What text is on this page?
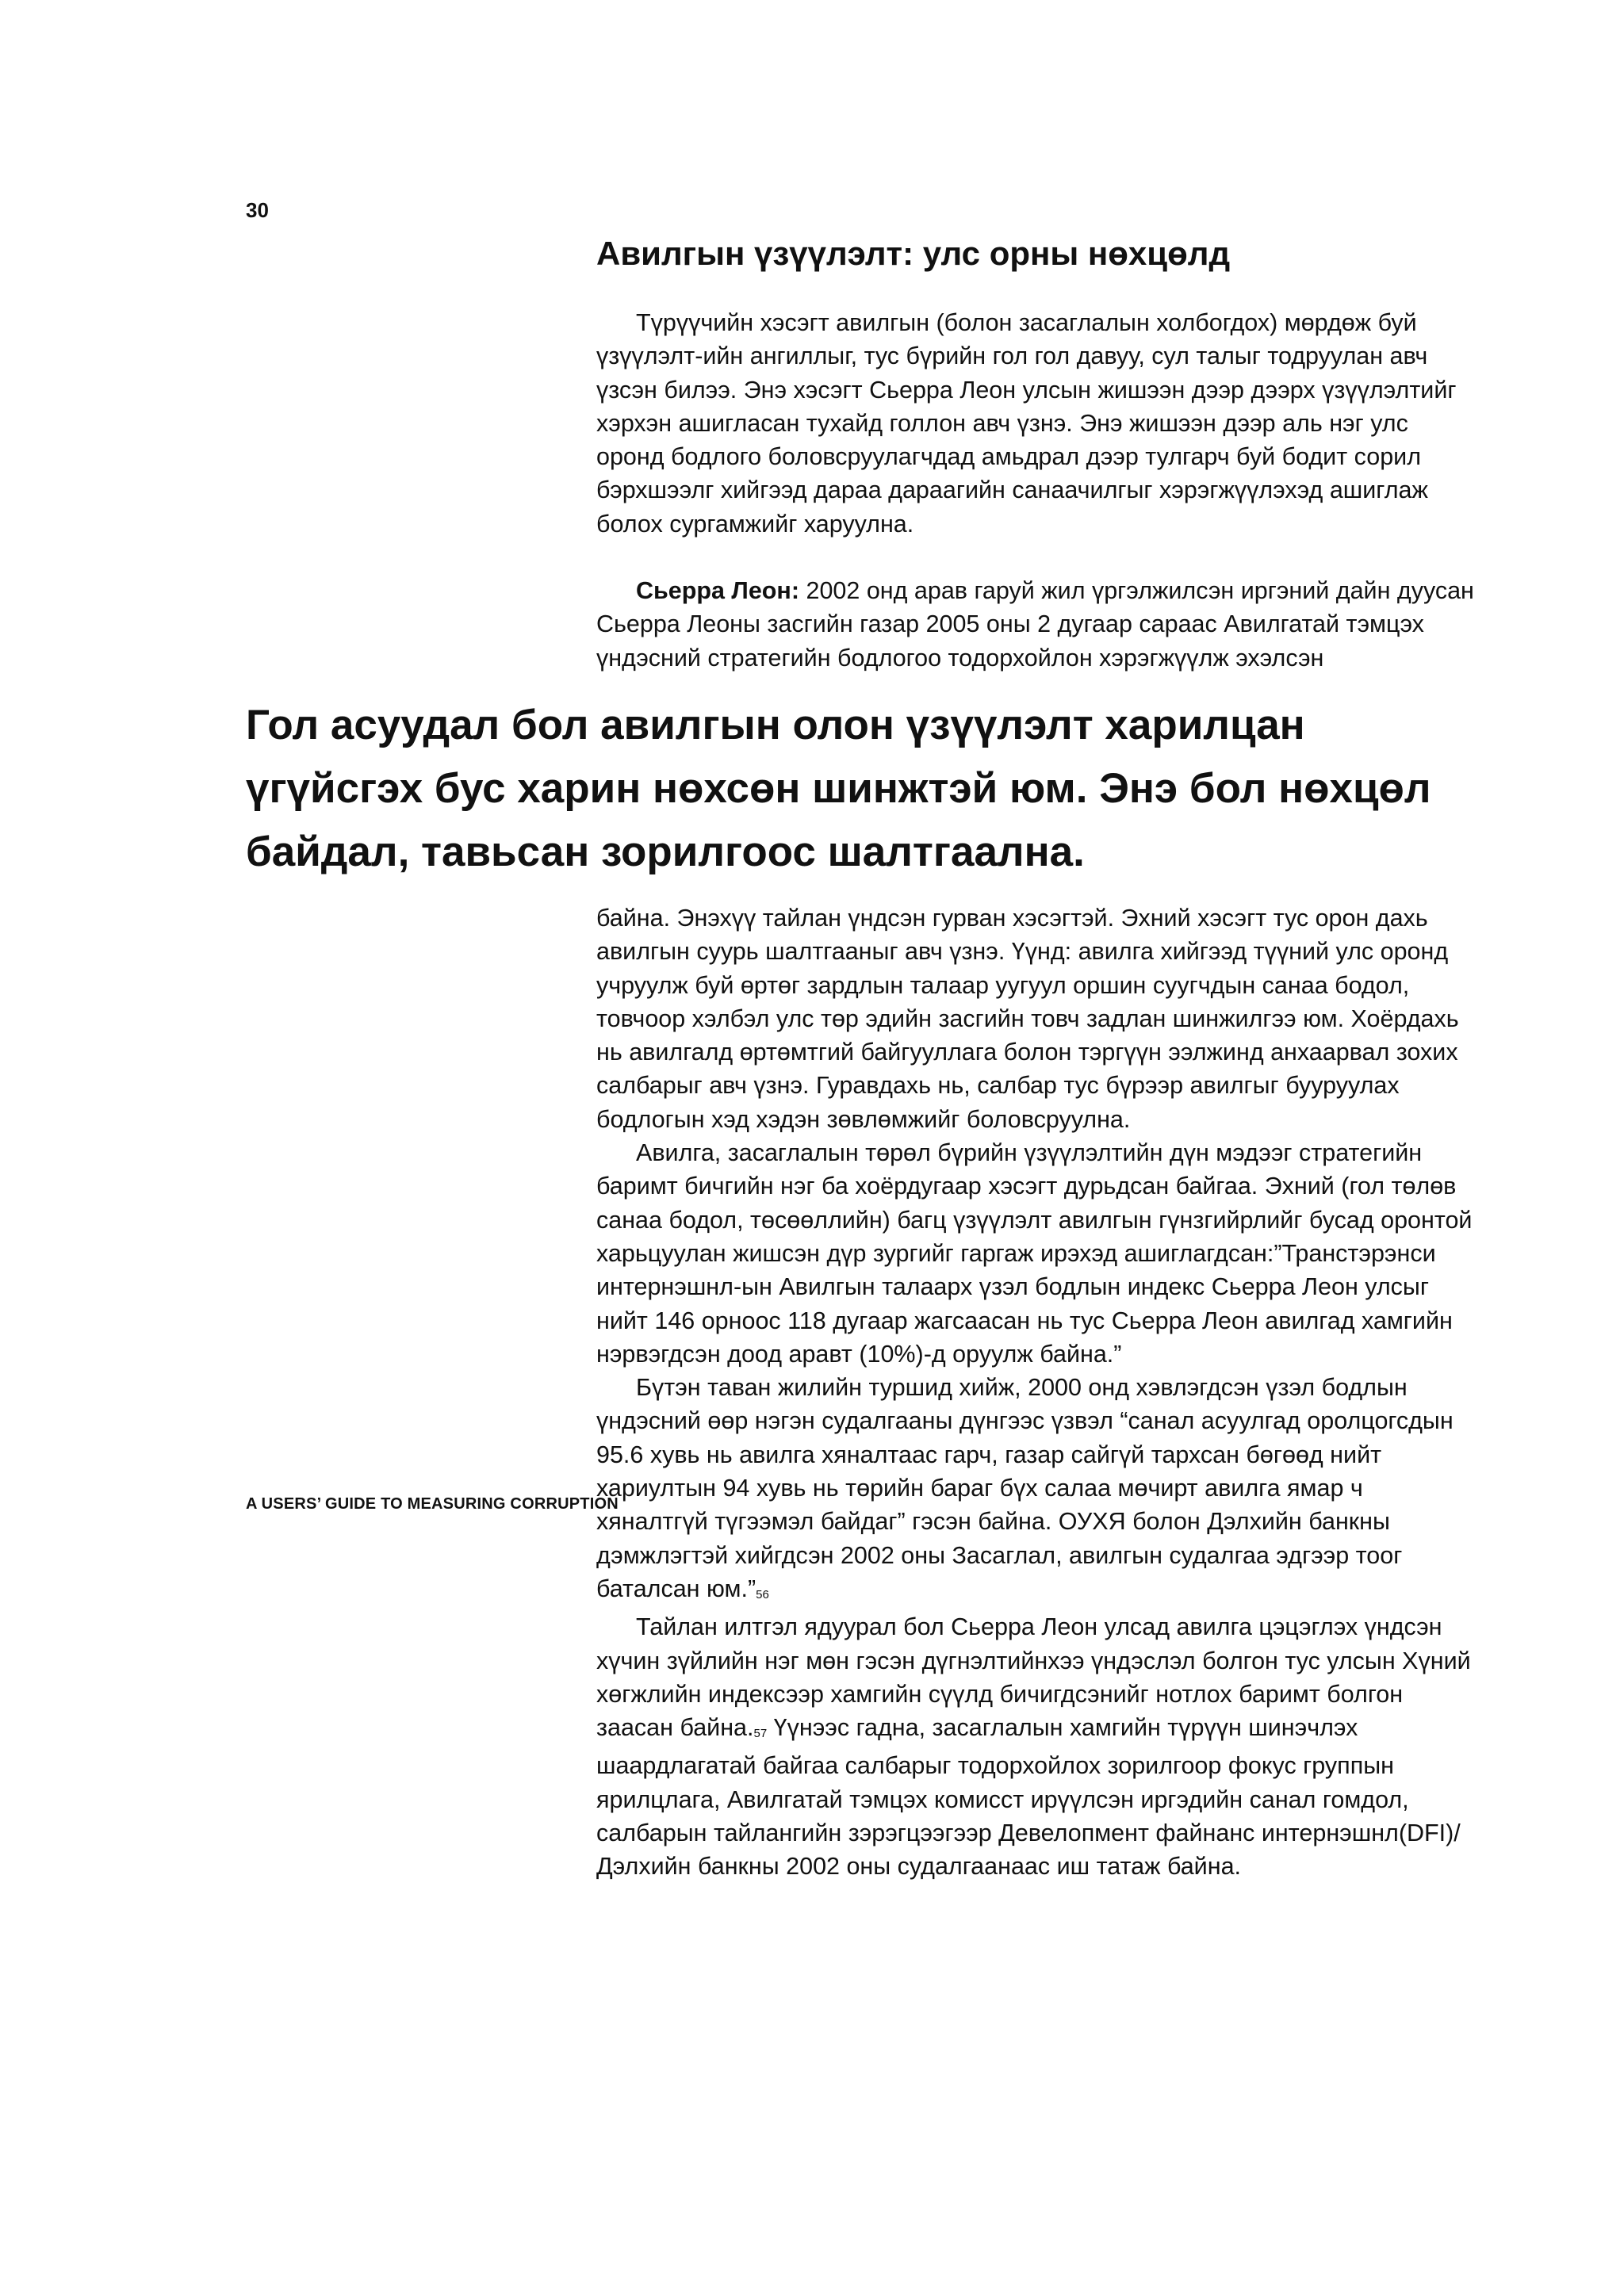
30
Авилгын үзүүлэлт: улс орны нөхцөлд

Түрүүчийн хэсэгт авилгын (болон засаглалын холбогдох) мөрдөж буй үзүүлэлт-ийн ангиллыг, тус бүрийн гол гол давуу, сул талыг тодруулан авч үзсэн билээ. Энэ хэсэгт Сьерра Леон улсын жишээн дээр дээрх үзүүлэлтийг хэрхэн ашигласан тухайд голлон авч үзнэ. Энэ жишээн дээр аль нэг улс оронд бодлого боловсруулагчдад амьдрал дээр тулгарч буй бодит сорил бэрхшээлг хийгээд дараа дараагийн санаачилгыг хэрэгжүүлэхэд ашиглаж болох сургамжийг харуулна.

Сьерра Леон: 2002 онд арав гаруй жил үргэлжилсэн иргэний дайн дуусан Сьерра Леоны засгийн газар 2005 оны 2 дугаар сараас Авилгатай тэмцэх үндэсний стратегийн бодлогоо тодорхойлон хэрэгжүүлж эхэлсэн

Гол асуудал бол авилгын олон үзүүлэлт харилцан үгүйсгэх бус харин нөхсөн шинжтэй юм. Энэ бол нөхцөл байдал, тавьсан зорилгоос шалтгаална.

байна. Энэхүү тайлан үндсэн гурван хэсэгтэй. Эхний хэсэгт тус орон дахь авилгын суурь шалтгааныг авч үзнэ. Үүнд: авилга хийгээд түүний улс оронд учруулж буй өртөг зардлын талаар уугуул оршин суугчдын санаа бодол, товчоор хэлбэл улс төр эдийн засгийн товч задлан шинжилгээ юм. Хоёрдахь нь авилгалд өртөмтгий байгууллага болон тэргүүн ээлжинд анхаарвал зохих салбарыг авч үзнэ. Гуравдахь нь, салбар тус бүрээр авилгыг бууруулах бодлогын хэд хэдэн зөвлөмжийг боловсруулна.

Авилга, засаглалын төрөл бүрийн үзүүлэлтийн дүн мэдээг стратегийн баримт бичгийн нэг ба хоёрдугаар хэсэгт дурьдсан байгаа. Эхний (гол төлөв санаа бодол, төсөөллийн) багц үзүүлэлт авилгын гүнзгийрлийг бусад оронтой харьцуулан жишсэн дүр зургийг гаргаж ирэхэд ашиглагдсан:”Транстэрэнси интернэшнл-ын Авилгын талаарх үзэл бодлын индекс Сьерра Леон улсыг нийт 146 орноос 118 дугаар жагсаасан нь тус Сьерра Леон авилгад хамгийн нэрвэгдсэн доод аравт (10%)-д оруулж байна.”

Бүтэн таван жилийн туршид хийж, 2000 онд хэвлэгдсэн үзэл бодлын үндэсний өөр нэгэн судалгааны дүнгээс үзвэл “санал асуулгад оролцогсдын 95.6 хувь нь авилга хяналтаас гарч, газар сайгүй тархсан бөгөөд нийт хариултын 94 хувь нь төрийн бараг бүх салаа мөчирт авилга ямар ч хяналтгүй түгээмэл байдаг” гэсэн байна. ОУХЯ болон Дэлхийн банкны дэмжлэгтэй хийгдсэн 2002 оны Засаглал, авилгын судалгаа эдгээр тоог баталсан юм.”$^{56}$

Тайлан илтгэл ядуурал бол Сьерра Леон улсад авилга цэцэглэх үндсэн хүчин зүйлийн нэг мөн гэсэн дүгнэлтийнхээ үндэслэл болгон тус улсын Хүний хөгжлийн индексээр хамгийн сүүлд бичигдсэнийг нотлох баримт болгон заасан байна.$^{57}$ Үүнээс гадна, засаглалын хамгийн түрүүн шинэчлэх шаардлагатай байгаа салбарыг тодорхойлох зорилгоор фокус группын ярилцлага, Авилгатай тэмцэх комисст ирүүлсэн иргэдийн санал гомдол, салбарын тайлангийн зэрэгцээгээр Девелопмент файнанс интернэшнл(DFI)/Дэлхийн банкны 2002 оны судалгаанаас иш татаж байна.

A USERS’ GUIDE TO MEASURING CORRUPTION
